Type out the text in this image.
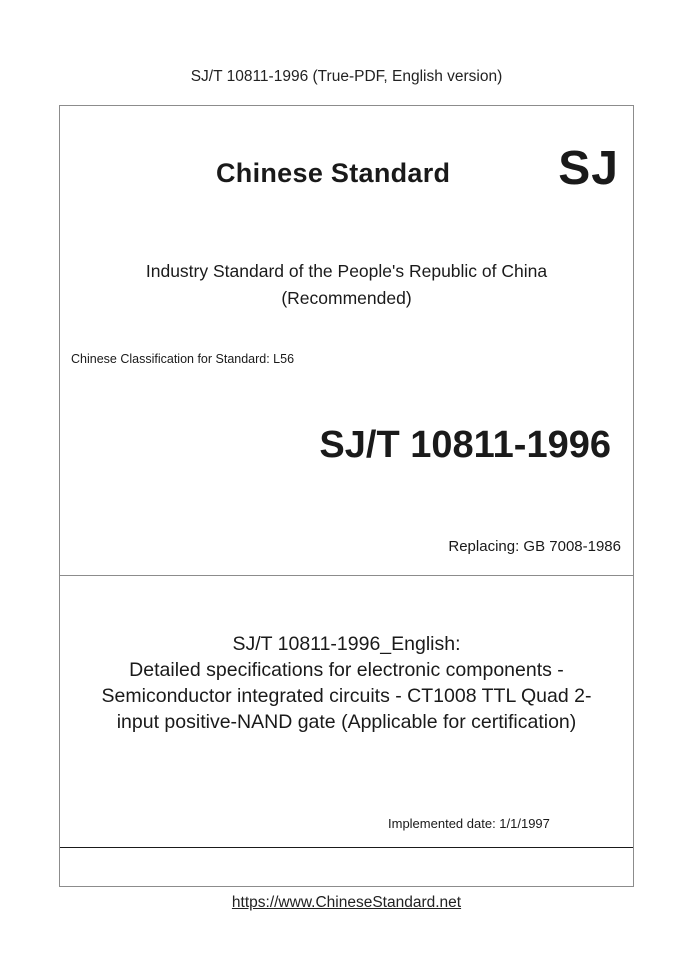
SJ/T 10811-1996 (True-PDF, English version)
Chinese Standard SJ
Industry Standard of the People's Republic of China
(Recommended)
Chinese Classification for Standard: L56
SJ/T 10811-1996
Replacing: GB 7008-1986
SJ/T 10811-1996_English:
Detailed specifications for electronic components -
Semiconductor integrated circuits - CT1008 TTL Quad 2-
input positive-NAND gate (Applicable for certification)
Implemented date: 1/1/1997
https://www.ChineseStandard.net
